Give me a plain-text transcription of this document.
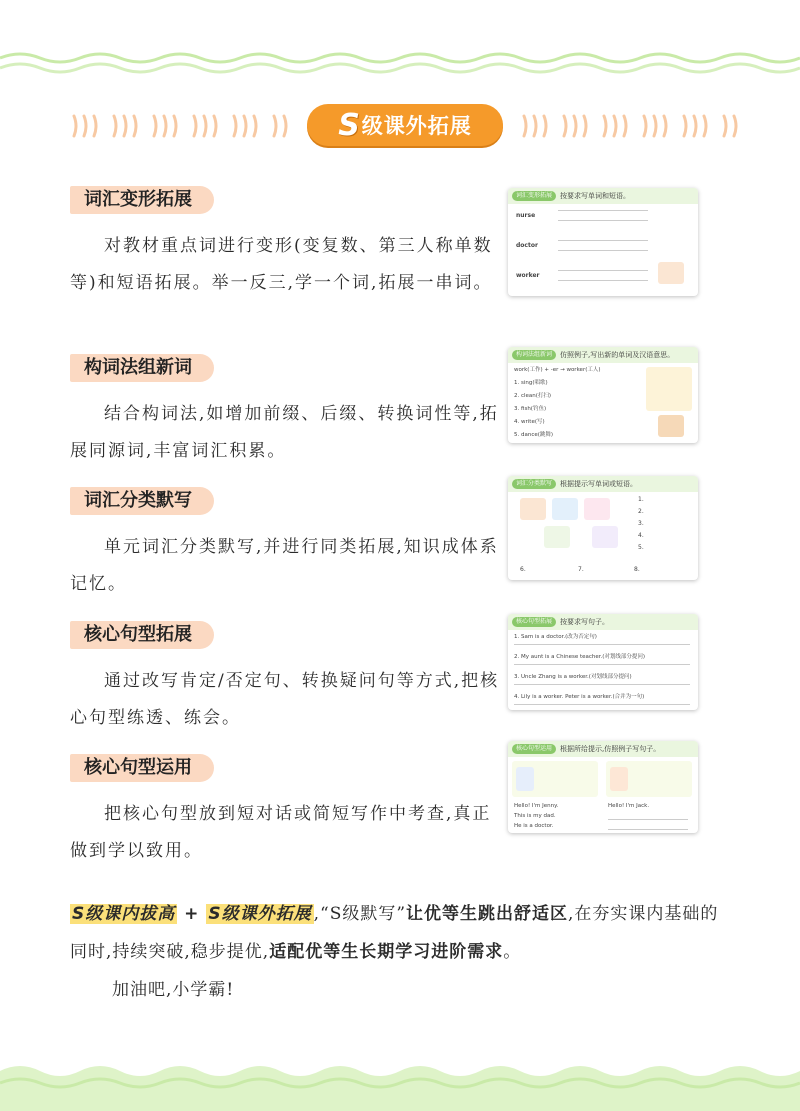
S 级课外拓展
词汇变形拓展
对教材重点词进行变形(变复数、第三人称单数等)和短语拓展。举一反三,学一个词,拓展一串词。
词汇变形拓展	按要求写单词和短语。
nurse
doctor
worker
构词法组新词
结合构词法,如增加前缀、后缀、转换词性等,拓展同源词,丰富词汇积累。
构词法组新词	仿照例子,写出新的单词及汉语意思。
work(工作) + -er → worker(工人)
1. sing(唱歌)
2. clean(打扫)
3. fish(钓鱼)
4. write(写)
5. dance(跳舞)
词汇分类默写
单元词汇分类默写,并进行同类拓展,知识成体系记忆。
词汇分类默写	根据提示写单词或短语。
1.
2.
3.
4.
5.
6.	7.	8.
核心句型拓展
通过改写肯定/否定句、转换疑问句等方式,把核心句型练透、练会。
核心句型拓展	按要求写句子。
1. Sam is a doctor.(改为否定句)
2. My aunt is a Chinese teacher.(对划线部分提问)
3. Uncle Zhang is a worker.(对划线部分提问)
4. Lily is a worker. Peter is a worker.(合并为一句)
核心句型运用
把核心句型放到短对话或简短写作中考查,真正做到学以致用。
核心句型运用	根据所给提示,仿照例子写句子。
Hello! I'm Jenny.
This is my dad.
He is a doctor.
Hello! I'm Jack.
S级课内拔高 + S级课外拓展 ,“S级默写”让优等生跳出舒适区,在夯实课内基础的同时,持续突破,稳步提优,适配优等生长期学习进阶需求。
加油吧,小学霸!
